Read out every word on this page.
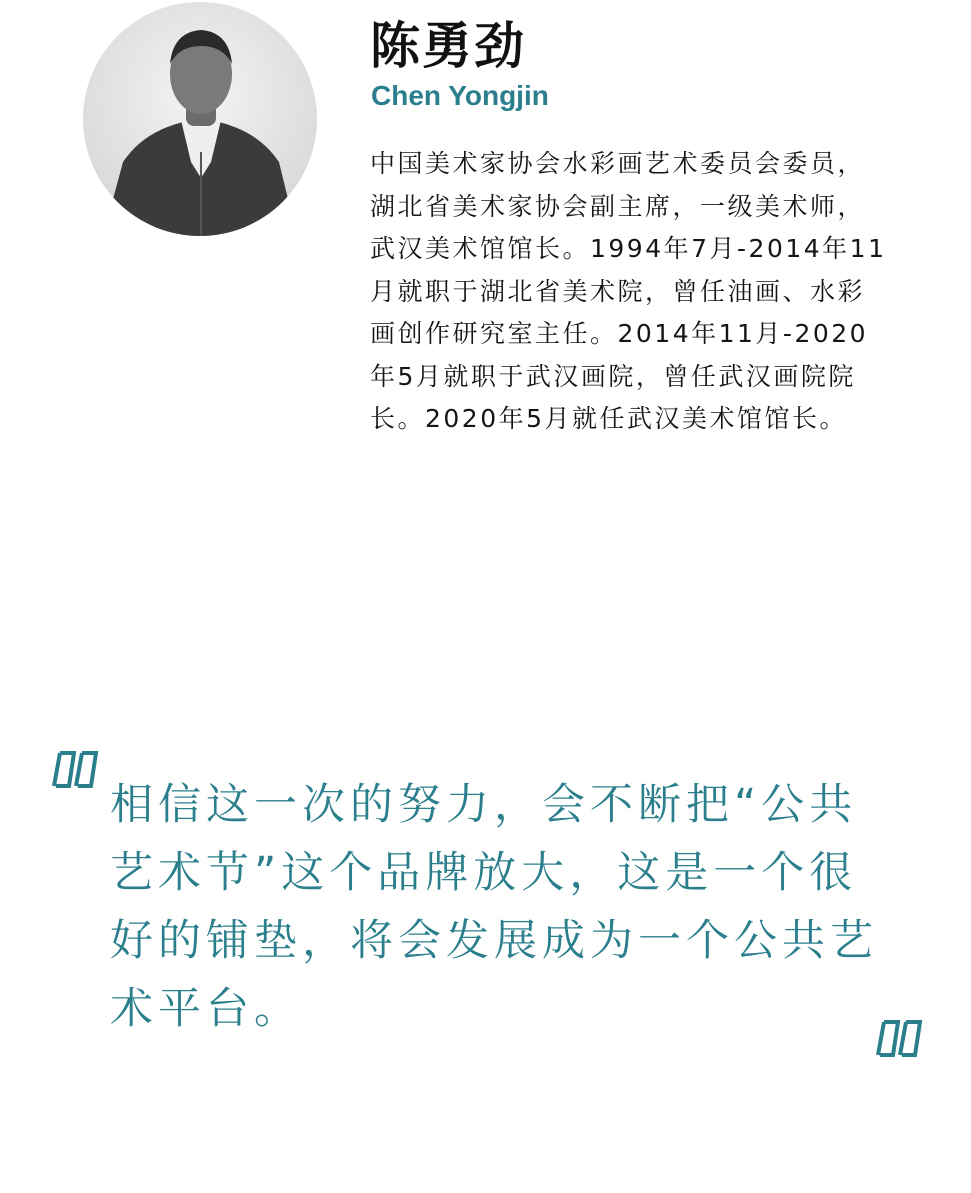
陈勇劲
Chen Yongjin
中国美术家协会水彩画艺术委员会委员，
湖北省美术家协会副主席，一级美术师，
武汉美术馆馆长。1994年7月-2014年11
月就职于湖北省美术院，曾任油画、水彩
画创作研究室主任。2014年11月-2020
年5月就职于武汉画院，曾任武汉画院院
长。2020年5月就任武汉美术馆馆长。
相信这一次的努力，会不断把“公共
艺术节”这个品牌放大，这是一个很
好的铺垫，将会发展成为一个公共艺
术平台。
